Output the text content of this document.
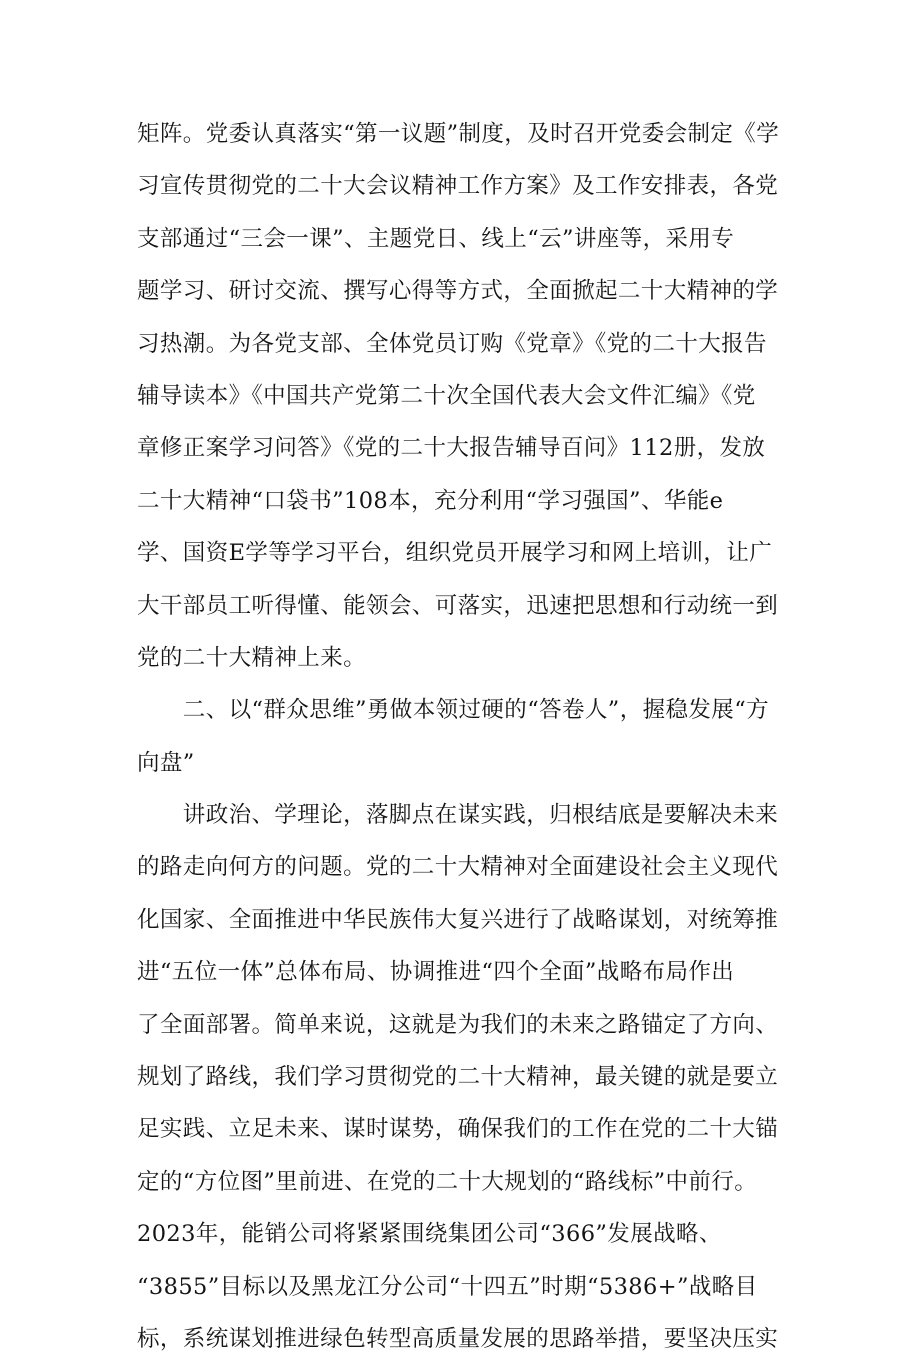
矩阵。党委认真落实“第一议题”制度，及时召开党委会制定《学
习宣传贯彻党的二十大会议精神工作方案》及工作安排表，各党
支部通过“三会一课”、主题党日、线上“云”讲座等，采用专
题学习、研讨交流、撰写心得等方式，全面掀起二十大精神的学
习热潮。为各党支部、全体党员订购《党章》《党的二十大报告
辅导读本》《中国共产党第二十次全国代表大会文件汇编》《党
章修正案学习问答》《党的二十大报告辅导百问》112册，发放
二十大精神“口袋书”108本，充分利用“学习强国”、华能e
学、国资E学等学习平台，组织党员开展学习和网上培训，让广
大干部员工听得懂、能领会、可落实，迅速把思想和行动统一到
党的二十大精神上来。
　　二、以“群众思维”勇做本领过硬的“答卷人”，握稳发展“方
向盘”
　　讲政治、学理论，落脚点在谋实践，归根结底是要解决未来
的路走向何方的问题。党的二十大精神对全面建设社会主义现代
化国家、全面推进中华民族伟大复兴进行了战略谋划，对统筹推
进“五位一体”总体布局、协调推进“四个全面”战略布局作出
了全面部署。简单来说，这就是为我们的未来之路锚定了方向、
规划了路线，我们学习贯彻党的二十大精神，最关键的就是要立
足实践、立足未来、谋时谋势，确保我们的工作在党的二十大锚
定的“方位图”里前进、在党的二十大规划的“路线标”中前行。
2023年，能销公司将紧紧围绕集团公司“366”发展战略、
“3855”目标以及黑龙江分公司“十四五”时期“5386+”战略目
标，系统谋划推进绿色转型高质量发展的思路举措，要坚决压实
